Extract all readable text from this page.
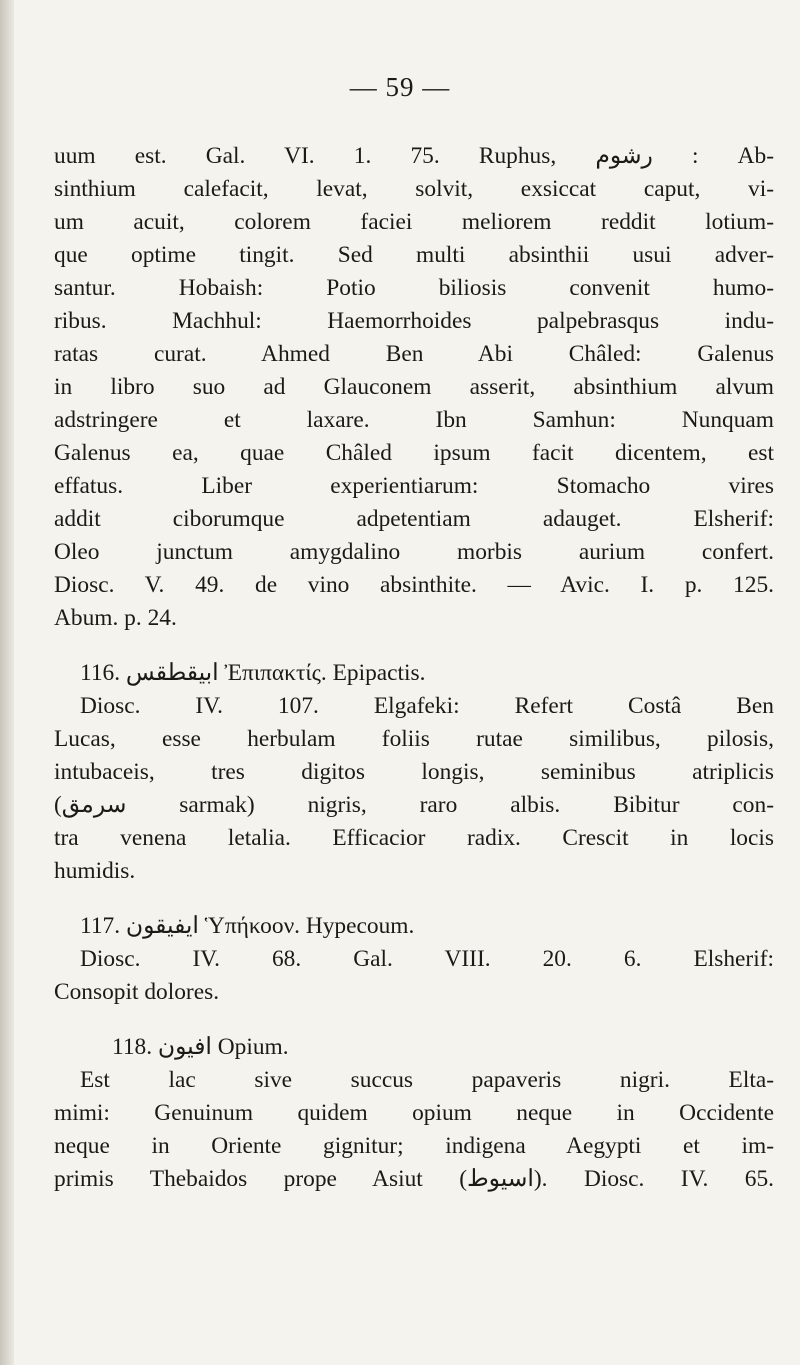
— 59 —
uum est. Gal. VI. 1. 75. Ruphus, رشوم : Ab-
sinthium calefacit, levat, solvit, exsiccat caput, vi-
um acuit, colorem faciei meliorem reddit lotium-
que optime tingit. Sed multi absinthii usui adver-
santur. Hobaish: Potio biliosis convenit humo-
ribus. Machhul: Haemorrhoides palpebrasqus indu-
ratas curat. Ahmed Ben Abi Châled: Galenus
in libro suo ad Glauconem asserit, absinthium alvum
adstringere et laxare. Ibn Samhun: Nunquam
Galenus ea, quae Châled ipsum facit dicentem, est
effatus. Liber experientiarum: Stomacho vires
addit ciborumque adpetentiam adauget. Elsherif:
Oleo junctum amygdalino morbis aurium confert.
Diosc. V. 49. de vino absinthite. — Avic. I. p. 125.
Abum. p. 24.
116. ابيقطقس Ἐπιπακτίς. Epipactis.
Diosc. IV. 107. Elgafeki: Refert Costâ Ben
Lucas, esse herbulam foliis rutae similibus, pilosis,
intubaceis, tres digitos longis, seminibus atriplicis
(سرمق sarmak) nigris, raro albis. Bibitur con-
tra venena letalia. Efficacior radix. Crescit in locis
humidis.
117. ايفيقون Ὑπήκοον. Hypecoum.
Diosc. IV. 68. Gal. VIII. 20. 6. Elsherif:
Consopit dolores.
118. افيون Opium.
Est lac sive succus papaveris nigri. Elta-
mimi: Genuinum quidem opium neque in Occidente
neque in Oriente gignitur; indigena Aegypti et im-
primis Thebaidos prope Asiut (اسيوط). Diosc. IV. 65.
